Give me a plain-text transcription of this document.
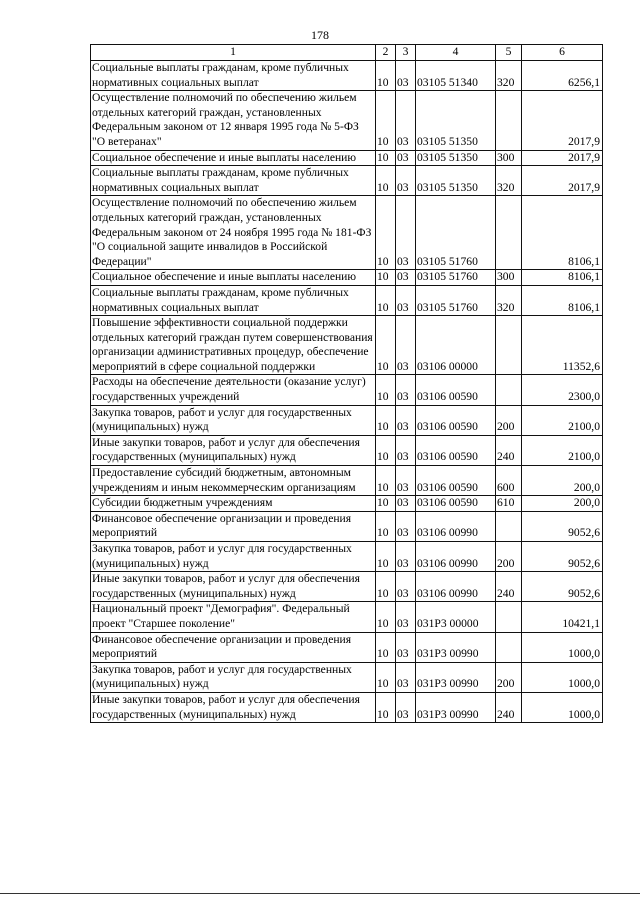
178
1	2	3	4	5	6
Социальные выплаты гражданам, кроме публичных нормативных социальных выплат	10	03	03105 51340	320	6256,1
Осуществление полномочий по обеспечению жильем отдельных категорий граждан, установленных Федеральным законом от 12 января 1995 года № 5-ФЗ "О ветеранах"	10	03	03105 51350		2017,9
Социальное обеспечение и иные выплаты населению	10	03	03105 51350	300	2017,9
Социальные выплаты гражданам, кроме публичных нормативных социальных выплат	10	03	03105 51350	320	2017,9
Осуществление полномочий по обеспечению жильем отдельных категорий граждан, установленных Федеральным законом от 24 ноября 1995 года № 181-ФЗ "О социальной защите инвалидов в Российской Федерации"	10	03	03105 51760		8106,1
Социальное обеспечение и иные выплаты населению	10	03	03105 51760	300	8106,1
Социальные выплаты гражданам, кроме публичных нормативных социальных выплат	10	03	03105 51760	320	8106,1
Повышение эффективности социальной поддержки отдельных категорий граждан путем совершенствования организации административных процедур, обеспечение мероприятий в сфере социальной поддержки	10	03	03106 00000		11352,6
Расходы на обеспечение деятельности (оказание услуг) государственных учреждений	10	03	03106 00590		2300,0
Закупка товаров, работ и услуг для государственных (муниципальных) нужд	10	03	03106 00590	200	2100,0
Иные закупки товаров, работ и услуг для обеспечения государственных (муниципальных) нужд	10	03	03106 00590	240	2100,0
Предоставление субсидий бюджетным, автономным учреждениям и иным некоммерческим организациям	10	03	03106 00590	600	200,0
Субсидии бюджетным учреждениям	10	03	03106 00590	610	200,0
Финансовое обеспечение организации и проведения мероприятий	10	03	03106 00990		9052,6
Закупка товаров, работ и услуг для государственных (муниципальных) нужд	10	03	03106 00990	200	9052,6
Иные закупки товаров, работ и услуг для обеспечения государственных (муниципальных) нужд	10	03	03106 00990	240	9052,6
Национальный проект "Демография". Федеральный проект "Старшее поколение"	10	03	031P3 00000		10421,1
Финансовое обеспечение организации и проведения мероприятий	10	03	031P3 00990		1000,0
Закупка товаров, работ и услуг для государственных (муниципальных) нужд	10	03	031P3 00990	200	1000,0
Иные закупки товаров, работ и услуг для обеспечения государственных (муниципальных) нужд	10	03	031P3 00990	240	1000,0
